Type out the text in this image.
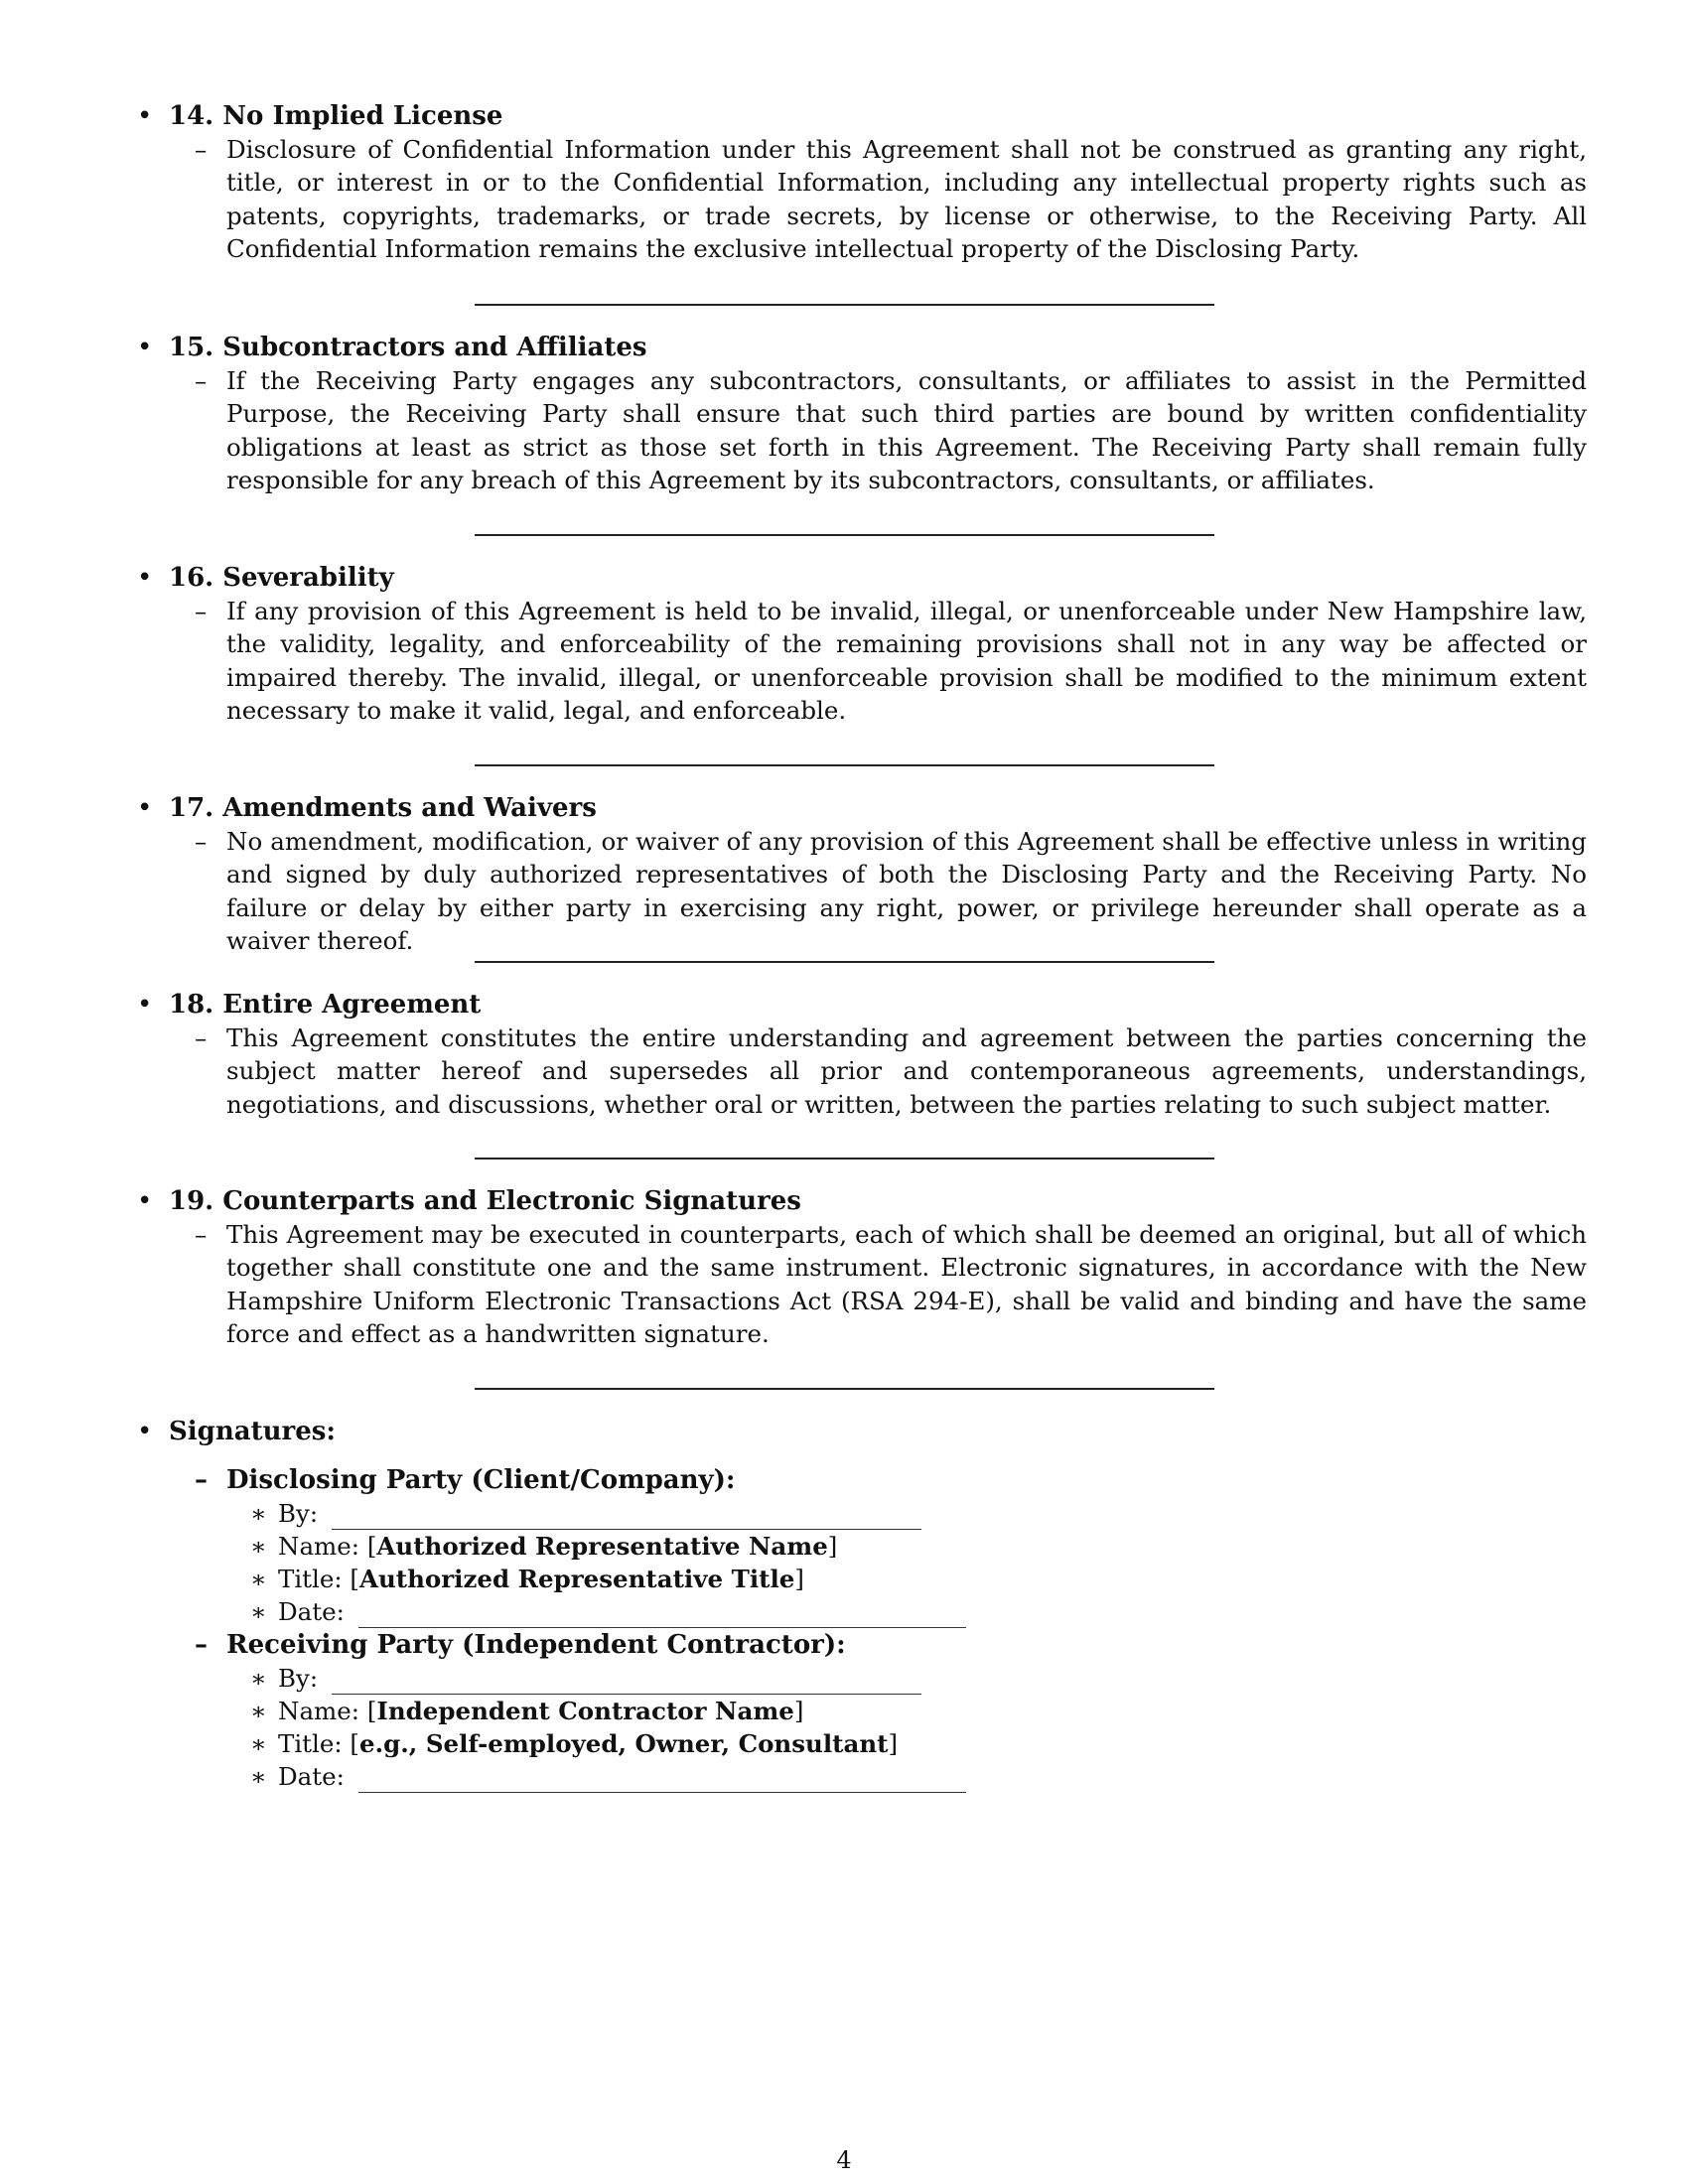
• 14. No Implied License
– Disclosure of Confidential Information under this Agreement shall not be construed as granting any right, title, or interest in or to the Confidential Information, including any intellectual property rights such as patents, copyrights, trademarks, or trade secrets, by license or otherwise, to the Receiving Party. All Confidential Information remains the exclusive intellectual property of the Disclosing Party.
• 15. Subcontractors and Affiliates
– If the Receiving Party engages any subcontractors, consultants, or affiliates to assist in the Permitted Purpose, the Receiving Party shall ensure that such third parties are bound by written confidentiality obligations at least as strict as those set forth in this Agreement. The Receiving Party shall remain fully responsible for any breach of this Agreement by its subcontractors, consultants, or affiliates.
• 16. Severability
– If any provision of this Agreement is held to be invalid, illegal, or unenforceable under New Hampshire law, the validity, legality, and enforceability of the remaining provisions shall not in any way be affected or impaired thereby. The invalid, illegal, or unenforceable provision shall be modified to the minimum extent necessary to make it valid, legal, and enforceable.
• 17. Amendments and Waivers
– No amendment, modification, or waiver of any provision of this Agreement shall be effective unless in writing and signed by duly authorized representatives of both the Disclosing Party and the Receiving Party. No failure or delay by either party in exercising any right, power, or privilege hereunder shall operate as a waiver thereof.
• 18. Entire Agreement
– This Agreement constitutes the entire understanding and agreement between the parties concerning the subject matter hereof and supersedes all prior and contemporaneous agreements, understandings, negotiations, and discussions, whether oral or written, between the parties relating to such subject matter.
• 19. Counterparts and Electronic Signatures
– This Agreement may be executed in counterparts, each of which shall be deemed an original, but all of which together shall constitute one and the same instrument. Electronic signatures, in accordance with the New Hampshire Uniform Electronic Transactions Act (RSA 294-E), shall be valid and binding and have the same force and effect as a handwritten signature.
• Signatures:
– Disclosing Party (Client/Company):
∗ By:
∗ Name: [Authorized Representative Name]
∗ Title: [Authorized Representative Title]
∗ Date:
– Receiving Party (Independent Contractor):
∗ By:
∗ Name: [Independent Contractor Name]
∗ Title: [e.g., Self-employed, Owner, Consultant]
∗ Date:
4
